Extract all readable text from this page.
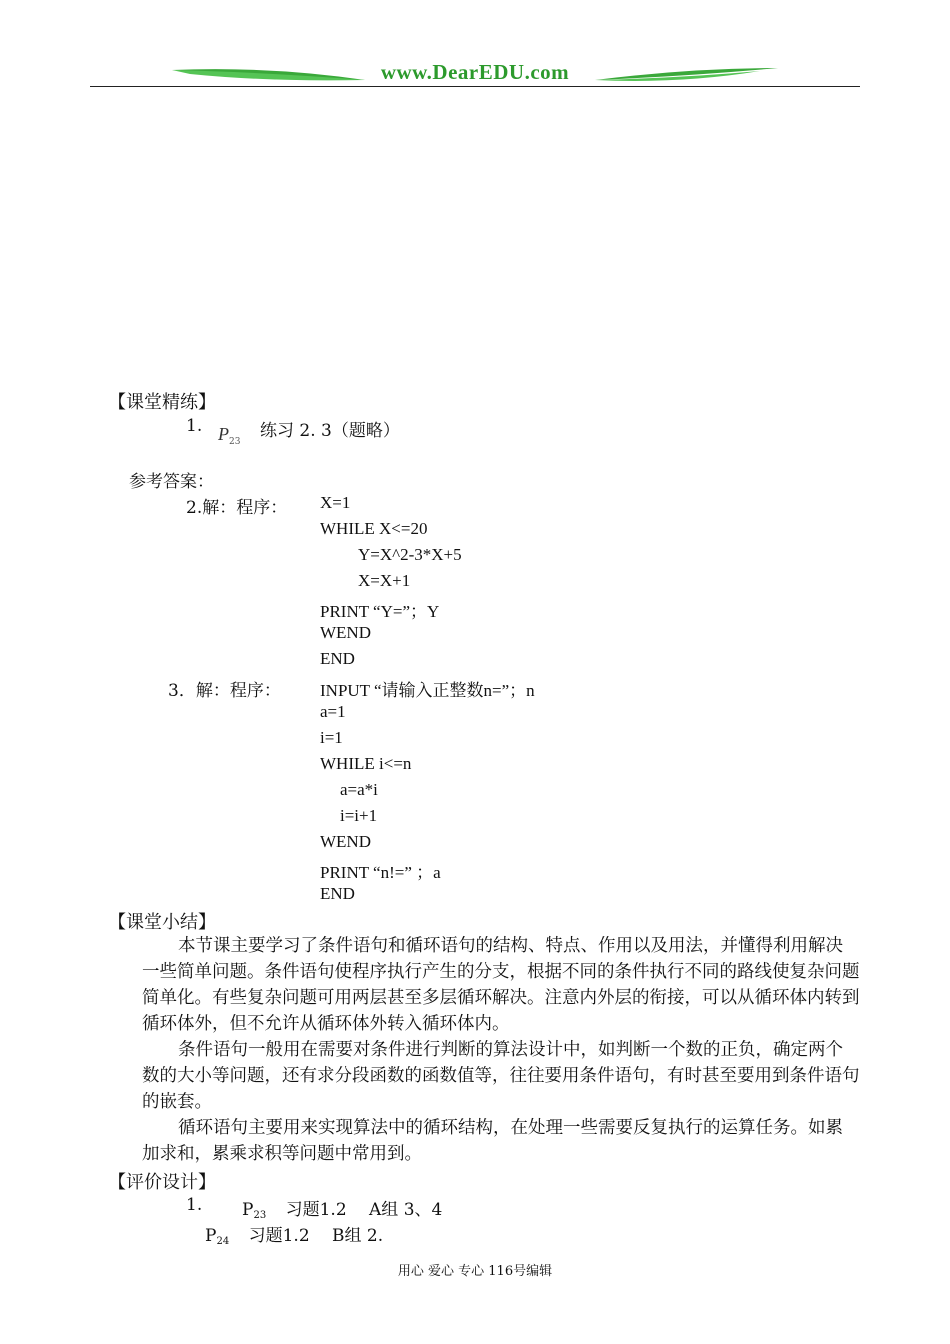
www.DearEDU.com
【课堂精练】
1. $P_{23}$
练习 2. 3（题略）
参考答案：
2.解：程序： X=1
WHILE X<=20
Y=X^2-3*X+5
X=X+1
PRINT “Y=”；Y
WEND
END
3．解：程序： INPUT “请输入正整数n=”；n
a=1
i=1
WHILE i<=n
a=a*i
i=i+1
WEND
PRINT “n!=” ；a
END
【课堂小结】
本节课主要学习了条件语句和循环语句的结构、特点、作用以及用法，并懂得利用解决一些简单问题。条件语句使程序执行产生的分支，根据不同的条件执行不同的路线使复杂问题简单化。有些复杂问题可用两层甚至多层循环解决。注意内外层的衔接，可以从循环体内转到循环体外，但不允许从循环体外转入循环体内。
条件语句一般用在需要对条件进行判断的算法设计中，如判断一个数的正负，确定两个数的大小等问题，还有求分段函数的函数值等，往往要用条件语句，有时甚至要用到条件语句的嵌套。
循环语句主要用来实现算法中的循环结构，在处理一些需要反复执行的运算任务。如累加求和，累乘求积等问题中常用到。
【评价设计】
1. P23 习题1.2　 A组 3、4
P24 习题1.2　 B组 2.
用心 爱心 专心 116号编辑
